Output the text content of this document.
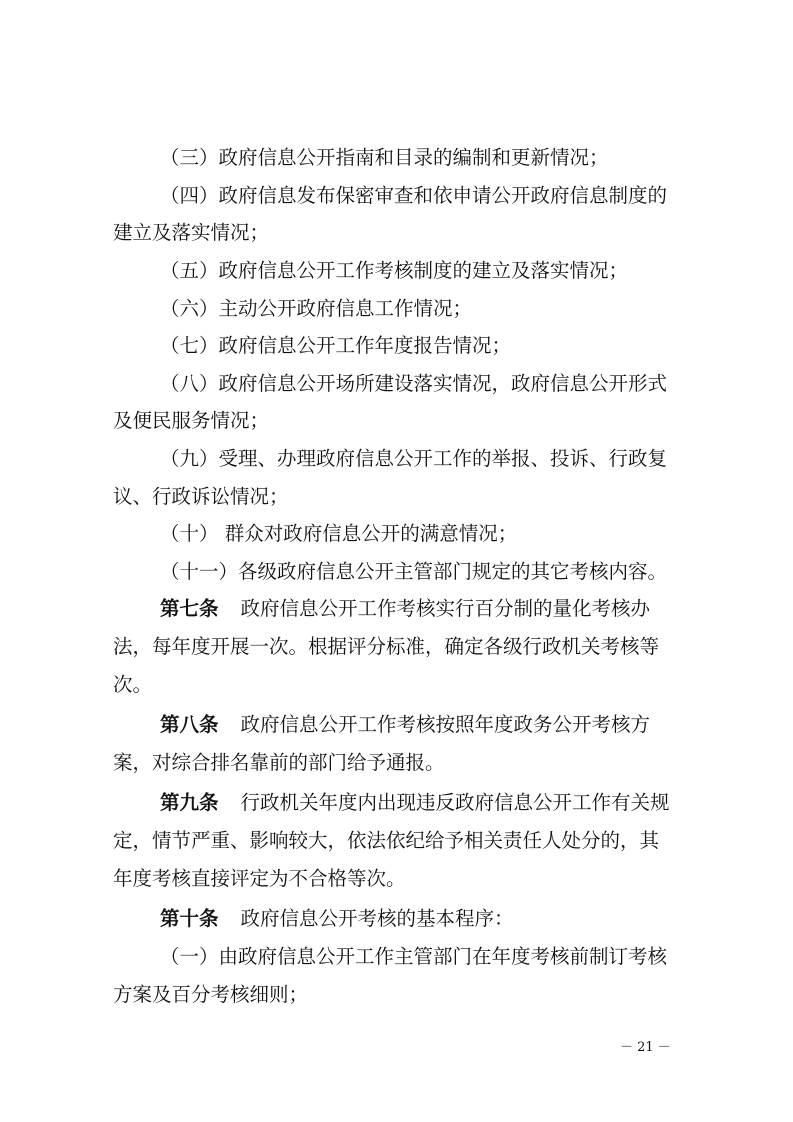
（三）政府信息公开指南和目录的编制和更新情况；
（四）政府信息发布保密审查和依申请公开政府信息制度的
建立及落实情况；
（五）政府信息公开工作考核制度的建立及落实情况；
（六）主动公开政府信息工作情况；
（七）政府信息公开工作年度报告情况；
（八）政府信息公开场所建设落实情况，政府信息公开形式
及便民服务情况；
（九）受理、办理政府信息公开工作的举报、投诉、行政复
议、行政诉讼情况；
（十） 群众对政府信息公开的满意情况；
（十一）各级政府信息公开主管部门规定的其它考核内容。
第七条 政府信息公开工作考核实行百分制的量化考核办
法，每年度开展一次。根据评分标准，确定各级行政机关考核等
次。
第八条 政府信息公开工作考核按照年度政务公开考核方
案，对综合排名靠前的部门给予通报。
第九条 行政机关年度内出现违反政府信息公开工作有关规
定，情节严重、影响较大，依法依纪给予相关责任人处分的，其
年度考核直接评定为不合格等次。
第十条 政府信息公开考核的基本程序：
（一）由政府信息公开工作主管部门在年度考核前制订考核
方案及百分考核细则；
－ 21 －
